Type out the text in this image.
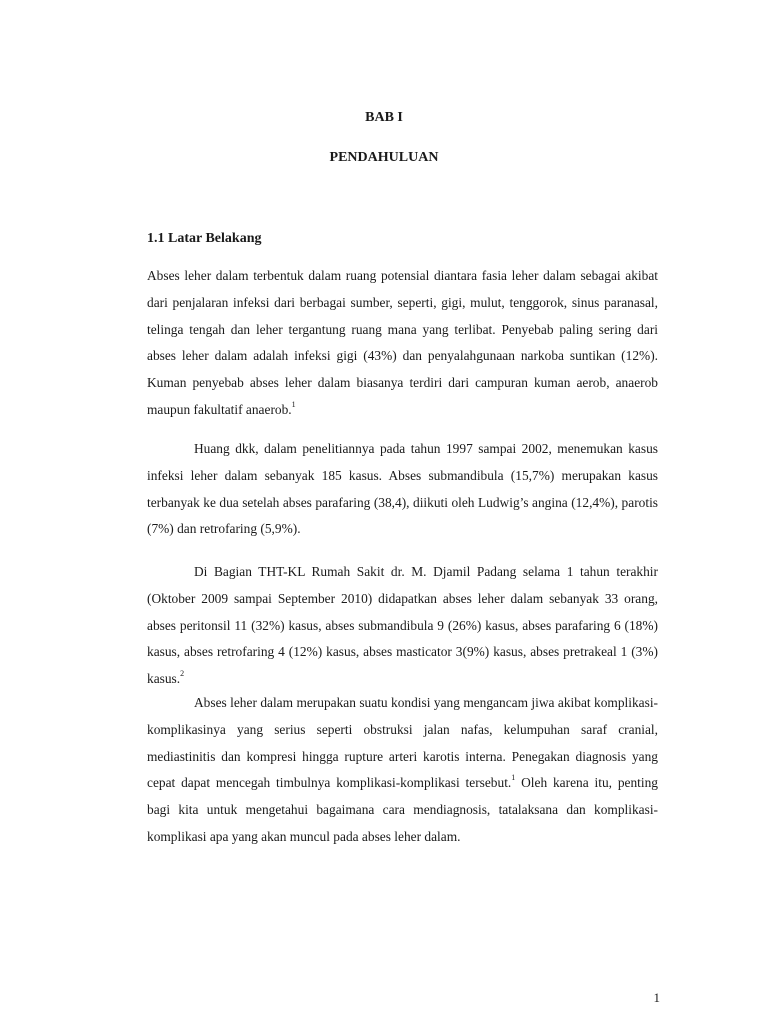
BAB I
PENDAHULUAN
1.1 Latar Belakang

Abses leher dalam terbentuk dalam ruang potensial diantara fasia leher dalam sebagai akibat dari penjalaran infeksi dari berbagai sumber, seperti, gigi, mulut, tenggorok, sinus paranasal, telinga tengah dan leher tergantung ruang mana yang terlibat. Penyebab paling sering dari abses leher dalam adalah infeksi gigi (43%) dan penyalahgunaan narkoba suntikan (12%). Kuman penyebab abses leher dalam biasanya terdiri dari campuran kuman aerob, anaerob maupun fakultatif anaerob.$^1$

Huang dkk, dalam penelitiannya pada tahun 1997 sampai 2002, menemukan kasus infeksi leher dalam sebanyak 185 kasus. Abses submandibula (15,7%) merupakan kasus terbanyak ke dua setelah abses parafaring (38,4), diikuti oleh Ludwig’s angina (12,4%), parotis (7%) dan retrofaring (5,9%).

Di Bagian THT-KL Rumah Sakit dr. M. Djamil Padang selama 1 tahun terakhir (Oktober 2009 sampai September 2010) didapatkan abses leher dalam sebanyak 33 orang, abses peritonsil 11 (32%) kasus, abses submandibula 9 (26%) kasus, abses parafaring 6 (18%) kasus, abses retrofaring 4 (12%) kasus, abses masticator 3(9%) kasus, abses pretrakeal 1 (3%) kasus.$^2$

Abses leher dalam merupakan suatu kondisi yang mengancam jiwa akibat komplikasi-komplikasinya yang serius seperti obstruksi jalan nafas, kelumpuhan saraf cranial, mediastinitis dan kompresi hingga rupture arteri karotis interna. Penegakan diagnosis yang cepat dapat mencegah timbulnya komplikasi-komplikasi tersebut.$^1$ Oleh karena itu, penting bagi kita untuk mengetahui bagaimana cara mendiagnosis, tatalaksana dan komplikasi-komplikasi apa yang akan muncul pada abses leher dalam.

1
